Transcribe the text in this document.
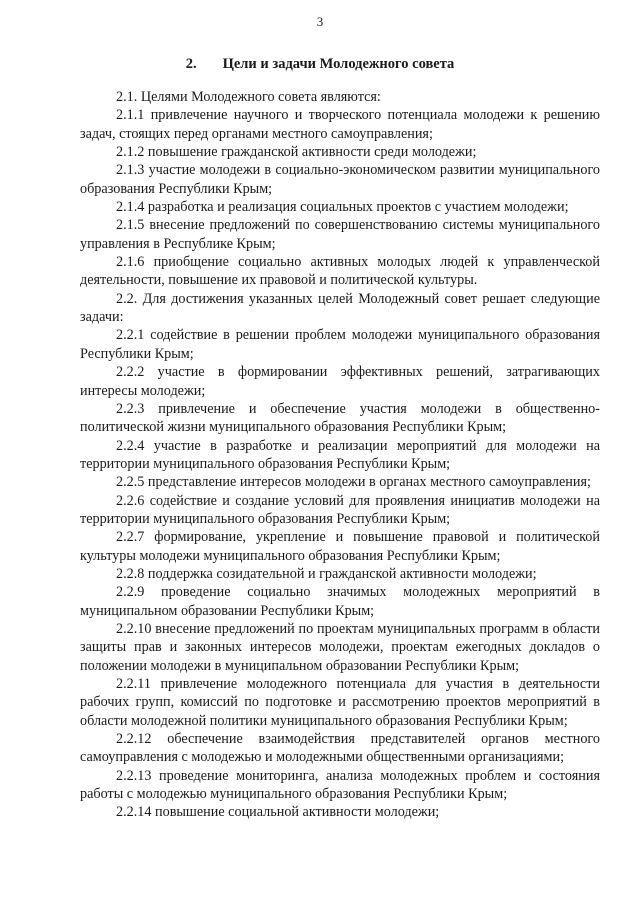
3
2. Цели и задачи Молодежного совета

2.1. Целями Молодежного совета являются:

2.1.1 привлечение научного и творческого потенциала молодежи к решению задач, стоящих перед органами местного самоуправления;

2.1.2 повышение гражданской активности среди молодежи;

2.1.3 участие молодежи в социально-экономическом развитии муниципального образования Республики Крым;

2.1.4 разработка и реализация социальных проектов с участием молодежи;

2.1.5 внесение предложений по совершенствованию системы муниципального управления в Республике Крым;

2.1.6 приобщение социально активных молодых людей к управленческой деятельности, повышение их правовой и политической культуры.

2.2. Для достижения указанных целей Молодежный совет решает следующие задачи:

2.2.1 содействие в решении проблем молодежи муниципального образования Республики Крым;

2.2.2 участие в формировании эффективных решений, затрагивающих интересы молодежи;

2.2.3 привлечение и обеспечение участия молодежи в общественно-политической жизни муниципального образования Республики Крым;

2.2.4 участие в разработке и реализации мероприятий для молодежи на территории муниципального образования Республики Крым;

2.2.5 представление интересов молодежи в органах местного самоуправления;

2.2.6 содействие и создание условий для проявления инициатив молодежи на территории муниципального образования Республики Крым;

2.2.7 формирование, укрепление и повышение правовой и политической культуры молодежи муниципального образования Республики Крым;

2.2.8 поддержка созидательной и гражданской активности молодежи;

2.2.9 проведение социально значимых молодежных мероприятий в муниципальном образовании Республики Крым;

2.2.10 внесение предложений по проектам муниципальных программ в области защиты прав и законных интересов молодежи, проектам ежегодных докладов о положении молодежи в муниципальном образовании Республики Крым;

2.2.11 привлечение молодежного потенциала для участия в деятельности рабочих групп, комиссий по подготовке и рассмотрению проектов мероприятий в области молодежной политики муниципального образования Республики Крым;

2.2.12 обеспечение взаимодействия представителей органов местного самоуправления с молодежью и молодежными общественными организациями;

2.2.13 проведение мониторинга, анализа молодежных проблем и состояния работы с молодежью муниципального образования Республики Крым;

2.2.14 повышение социальной активности молодежи;
